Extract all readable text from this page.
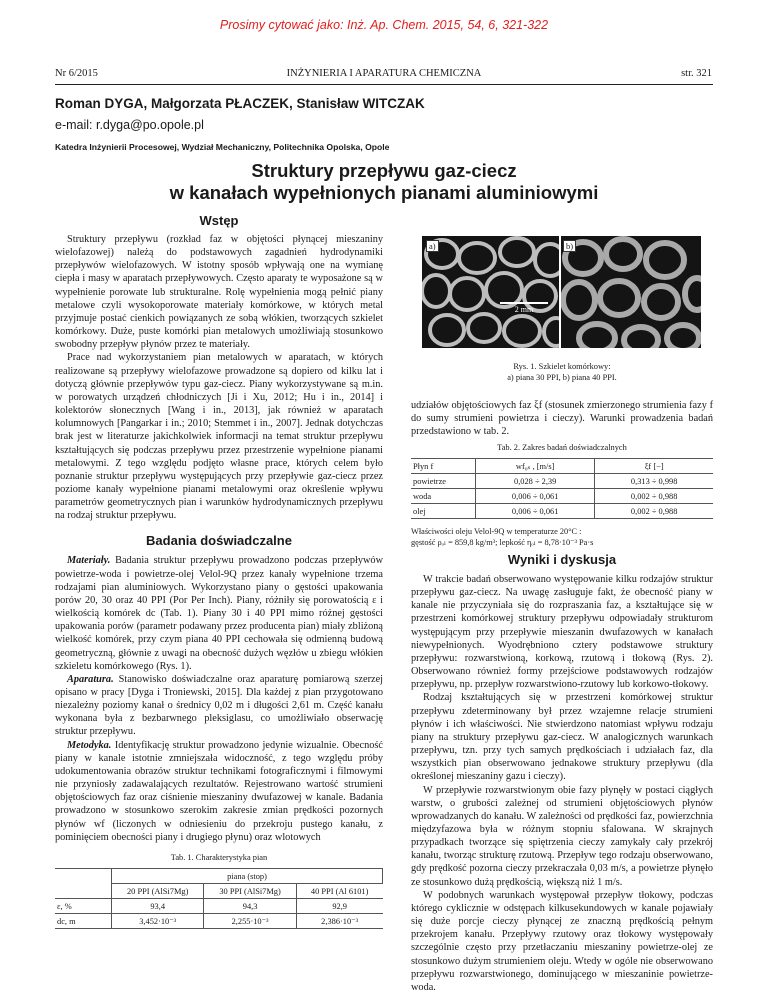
Prosimy cytować jako: Inż. Ap. Chem. 2015, 54, 6, 321-322
Nr 6/2015	INŻYNIERIA I APARATURA CHEMICZNA	str. 321
Roman DYGA, Małgorzata PŁACZEK, Stanisław WITCZAK
e-mail: r.dyga@po.opole.pl
Katedra Inżynierii Procesowej, Wydział Mechaniczny, Politechnika Opolska, Opole
Struktury przepływu gaz-ciecz
w kanałach wypełnionych pianami aluminiowymi
Wstęp

Struktury przepływu (rozkład faz w objętości płynącej mieszaniny wielofazowej) należą do podstawowych zagadnień hydrodynamiki przepływów wielofazowych. W istotny sposób wpływają one na wymianę ciepła i masy w aparatach przepływowych. Często aparaty te wyposażone są w wypełnienie porowate lub strukturalne. Rolę wypełnienia mogą pełnić piany metalowe czyli wysokoporowate materiały komórkowe, w których metal przyjmuje postać cienkich powiązanych ze sobą włókien, tworzących szkielet komórkowy. Duże, puste komórki pian metalowych umożliwiają stosunkowo swobodny przepływ płynów przez te materiały.

Prace nad wykorzystaniem pian metalowych w aparatach, w których realizowane są przepływy wielofazowe prowadzone są dopiero od kilku lat i dotyczą głównie przepływów typu gaz-ciecz. Piany wykorzystywane są m.in. w porowatych urządzeń chłodniczych [Ji i Xu, 2012; Hu i in., 2014] i kolektorów słonecznych [Wang i in., 2013], jak również w aparatach kolumnowych [Pangarkar i in.; 2010; Stemmet i in., 2007]. Jednak dotychczas brak jest w literaturze jakichkolwiek informacji na temat struktur przepływu kształtujących się podczas przepływu przez przestrzenie wypełnione pianami metalowymi. Z tego względu podjęto własne prace, których celem było poznanie struktur przepływu występujących przy przepływie gaz-ciecz przez poziome kanały wypełnione pianami metalowymi oraz określenie wpływu parametrów geometrycznych pian i warunków hydrodynamicznych przepływu na rodzaj struktur przepływu.

Badania doświadczalne

Materiały. Badania struktur przepływu prowadzono podczas przepływów powietrze-woda i powietrze-olej Velol-9Q przez kanały wypełnione trzema rodzajami pian aluminiowych. Wykorzystano piany o gęstości upakowania porów 20, 30 oraz 40 PPI (Por Per Inch). Piany, różniły się porowatością ε i wielkością komórek dc (Tab. 1). Piany 30 i 40 PPI mimo różnej gęstości upakowania porów (parametr podawany przez producenta pian) miały zbliżoną wielkość komórek, przy czym piana 40 PPI cechowała się odmienną budową geometryczną, głównie z uwagi na obecność dużych węzłów u zbiegu włókien szkieletu komórkowego (Rys. 1).

Aparatura. Stanowisko doświadczalne oraz aparaturę pomiarową szerzej opisano w pracy [Dyga i Troniewski, 2015]. Dla każdej z pian przygotowano niezależny poziomy kanał o średnicy 0,02 m i długości 2,61 m. Część kanału wykonana była z bezbarwnego pleksiglasu, co umożliwiało obserwację struktur przepływu.

Metodyka. Identyfikację struktur prowadzono jedynie wizualnie. Obecność piany w kanale istotnie zmniejszała widoczność, z tego względu próby udokumentowania obrazów struktur technikami fotograficznymi i filmowymi nie przyniosły zadawalających rezultatów. Rejestrowano wartość strumieni objętościowych faz oraz ciśnienie mieszaniny dwufazowej w kanale. Badania prowadzono w stosunkowo szerokim zakresie zmian prędkości pozornych płynów wf (liczonych w odniesieniu do przekroju pustego kanału, z pominięciem obecności piany i drugiego płynu) oraz wlotowych

Tab. 1. Charakterystyka pian
	piana (stop)		
	20 PPI (AlSi7Mg)	30 PPI (AlSi7Mg)	40 PPI (Al 6101)
ε, %	93,4	94,3	92,9
dc, m	3,452·10⁻³	2,255·10⁻³	2,386·10⁻³
a)	b)
2 mm
Rys. 1. Szkielet komórkowy:
a) piana 30 PPI, b) piana 40 PPI.

udziałów objętościowych faz ξf (stosunek zmierzonego strumienia fazy f do sumy strumieni powietrza i cieczy). Warunki prowadzenia badań przedstawiono w tab. 2.

Tab. 2. Zakres badań doświadczalnych
Płyn f	wf₀ₛ , [m/s]	ξf [−]
powietrze	0,028 ÷ 2,39	0,313 ÷ 0,998
woda	0,006 ÷ 0,061	0,002 ÷ 0,988
olej	0,006 ÷ 0,061	0,002 ÷ 0,988
Właściwości oleju Velol-9Q w temperaturze 20°C :
gęstość ρₒₗ = 859,8 kg/m³; lepkość ηₒₗ = 8,78·10⁻³ Pa·s
Wyniki i dyskusja

W trakcie badań obserwowano występowanie kilku rodzajów struktur przepływu gaz-ciecz. Na uwagę zasługuje fakt, że obecność piany w kanale nie przyczyniała się do rozpraszania faz, a kształtujące się w przestrzeni komórkowej struktury przepływu odpowiadały strukturom występującym przy przepływie mieszanin dwufazowych w kanałach niewypełnionych. Wyodrębniono cztery podstawowe struktury przepływu: rozwarstwioną, korkową, rzutową i tłokową (Rys. 2). Obserwowano również formy przejściowe podstawowych rodzajów przepływu, np. przepływ rozwarstwiono-rzutowy lub korkowo-tłokowy.

Rodzaj kształtujących się w przestrzeni komórkowej struktur przepływu zdeterminowany był przez wzajemne relacje strumieni płynów i ich właściwości. Nie stwierdzono natomiast wpływu rodzaju piany na struktury przepływu gaz-ciecz. W analogicznych warunkach przepływu, tzn. przy tych samych prędkościach i udziałach faz, dla wszystkich pian obserwowano jednakowe struktury przepływu (dla określonej mieszaniny gazu i cieczy).

W przepływie rozwarstwionym obie fazy płynęły w postaci ciągłych warstw, o grubości zależnej od strumieni objętościowych płynów wprowadzanych do kanału. W zależności od prędkości faz, powierzchnia międzyfazowa była w różnym stopniu sfalowana. W skrajnych przypadkach tworzące się spiętrzenia cieczy zamykały cały przekrój kanału, tworząc strukturę rzutową. Przepływ tego rodzaju obserwowano, gdy prędkość pozorna cieczy przekraczała 0,03 m/s, a powietrze płynęło ze stosunkowo dużą prędkością, większą niż 1 m/s.

W podobnych warunkach występował przepływ tłokowy, podczas którego cyklicznie w odstępach kilkusekundowych w kanale pojawiały się duże porcje cieczy płynącej ze znaczną prędkością pełnym przekrojem kanału. Przepływy rzutowy oraz tłokowy występowały szczególnie często przy przetłaczaniu mieszaniny powietrze-olej ze stosunkowo dużym strumieniem oleju. Wtedy w ogóle nie obserwowano przepływu rozwarstwionego, dominującego w mieszaninie powietrze-woda.
